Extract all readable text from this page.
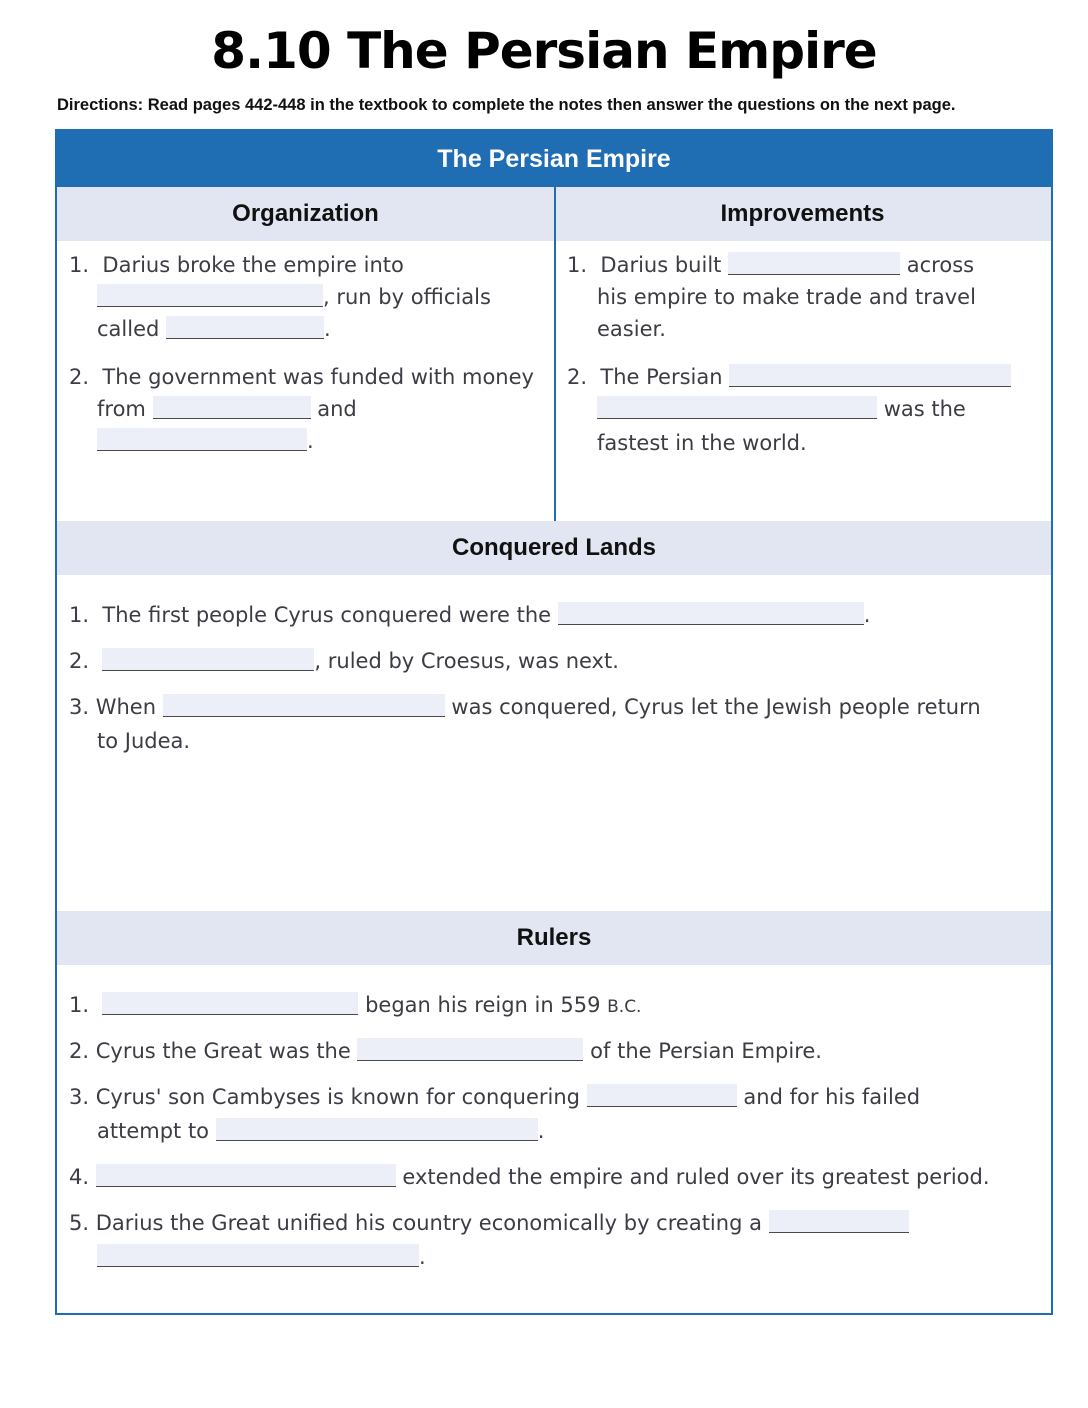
8.10 The Persian Empire
Directions: Read pages 442-448 in the textbook to complete the notes then answer the questions on the next page.
The Persian Empire
Organization	Improvements
1. Darius broke the empire into
, run by officials
called	.
2. The government was funded with money
from	and
.
1. Darius built	across
his empire to make trade and travel
easier.
2. The Persian
was the
fastest in the world.
Conquered Lands
1. The first people Cyrus conquered were the	.
2.	, ruled by Croesus, was next.
3. When	was conquered, Cyrus let the Jewish people return
to Judea.
Rulers
1.	began his reign in 559 B.C.
2. Cyrus the Great was the	of the Persian Empire.
3. Cyrus' son Cambyses is known for conquering	and for his failed
attempt to	.
4.	extended the empire and ruled over its greatest period.
5. Darius the Great unified his country economically by creating a
.
